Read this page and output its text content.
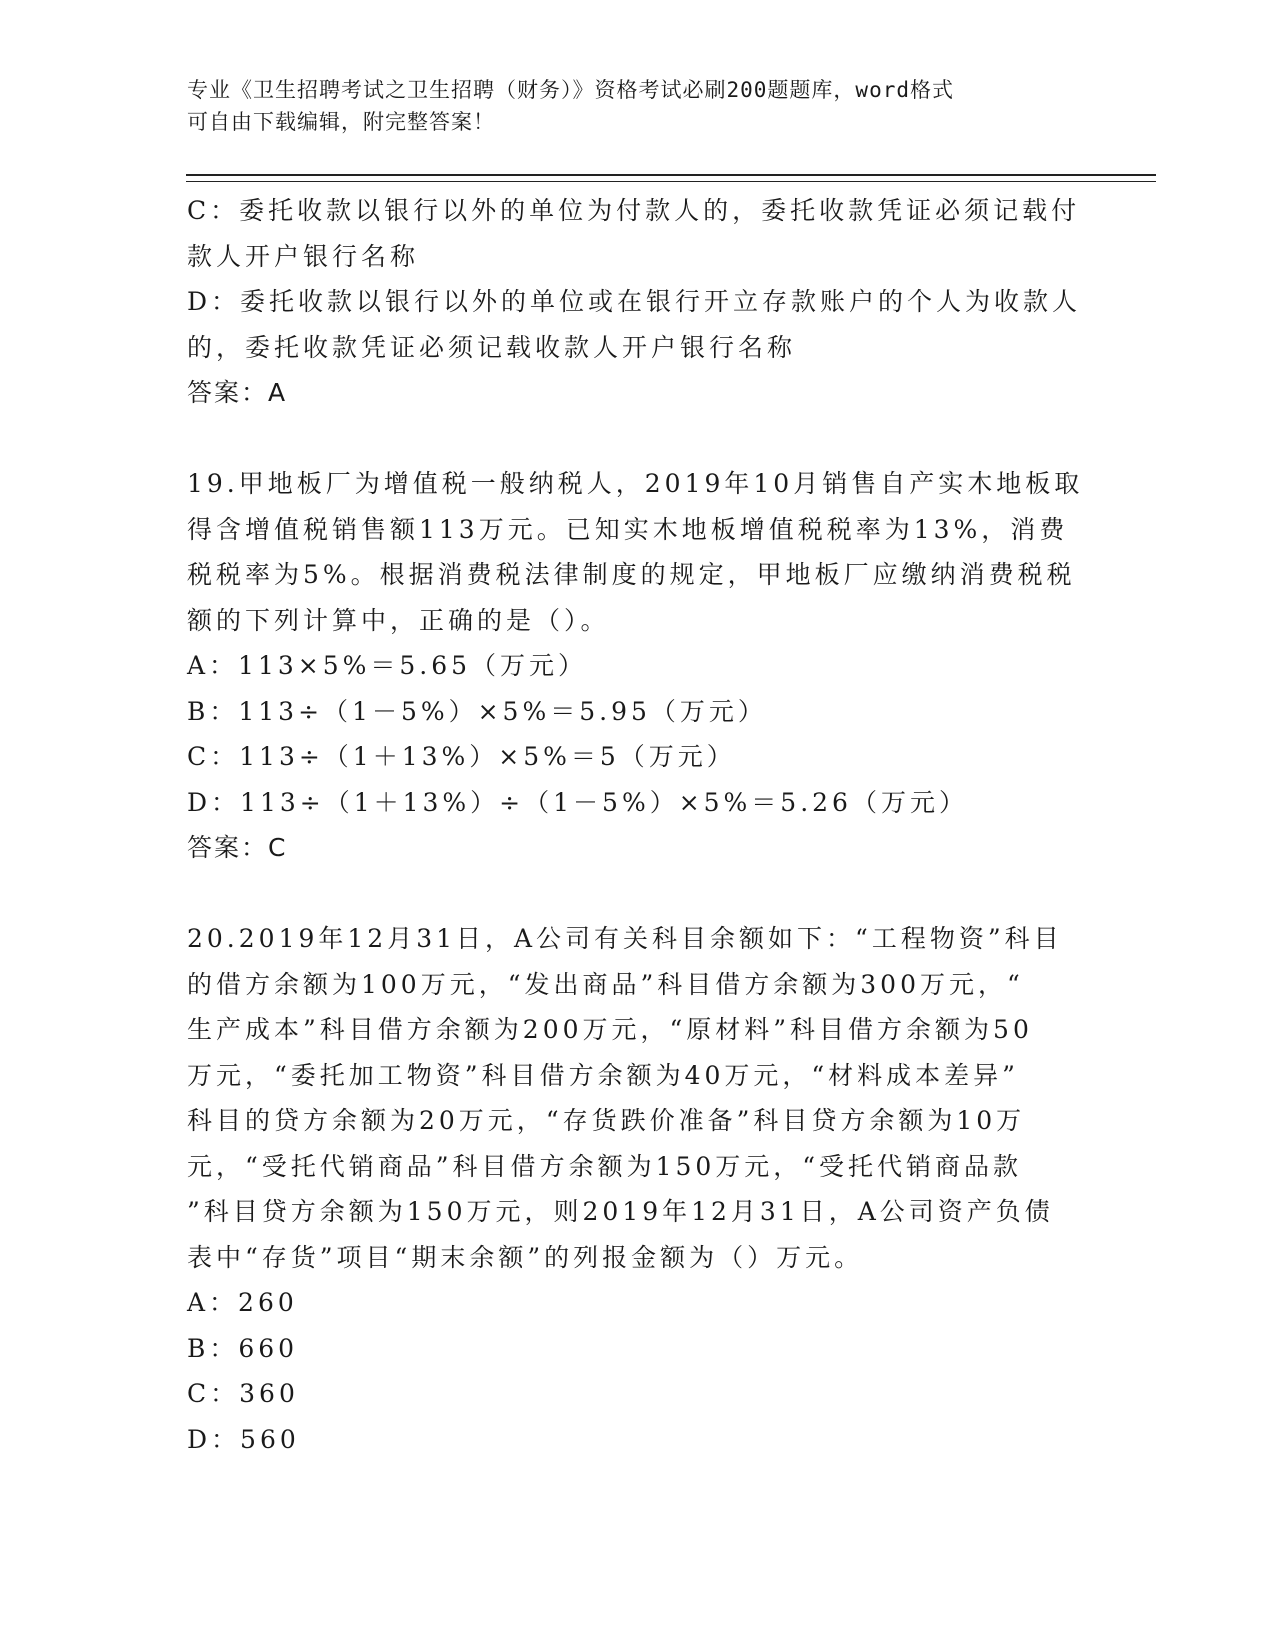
专业《卫生招聘考试之卫生招聘（财务）》资格考试必刷200题题库，word格式
可自由下载编辑，附完整答案！
C：委托收款以银行以外的单位为付款人的，委托收款凭证必须记载付
款人开户银行名称
D：委托收款以银行以外的单位或在银行开立存款账户的个人为收款人
的，委托收款凭证必须记载收款人开户银行名称
答案：A
19.甲地板厂为增值税一般纳税人，2019年10月销售自产实木地板取
得含增值税销售额113万元。已知实木地板增值税税率为13%，消费
税税率为5%。根据消费税法律制度的规定，甲地板厂应缴纳消费税税
额的下列计算中，正确的是（）。
A：113×5%＝5.65（万元）
B：113÷（1－5%）×5%＝5.95（万元）
C：113÷（1＋13%）×5%＝5（万元）
D：113÷（1＋13%）÷（1－5%）×5%＝5.26（万元）
答案：C
20.2019年12月31日，A公司有关科目余额如下：“工程物资”科目
的借方余额为100万元，“发出商品”科目借方余额为300万元，“
生产成本”科目借方余额为200万元，“原材料”科目借方余额为50
万元，“委托加工物资”科目借方余额为40万元，“材料成本差异”
科目的贷方余额为20万元，“存货跌价准备”科目贷方余额为10万
元，“受托代销商品”科目借方余额为150万元，“受托代销商品款
”科目贷方余额为150万元，则2019年12月31日，A公司资产负债
表中“存货”项目“期末余额”的列报金额为（）万元。
A：260
B：660
C：360
D：560
